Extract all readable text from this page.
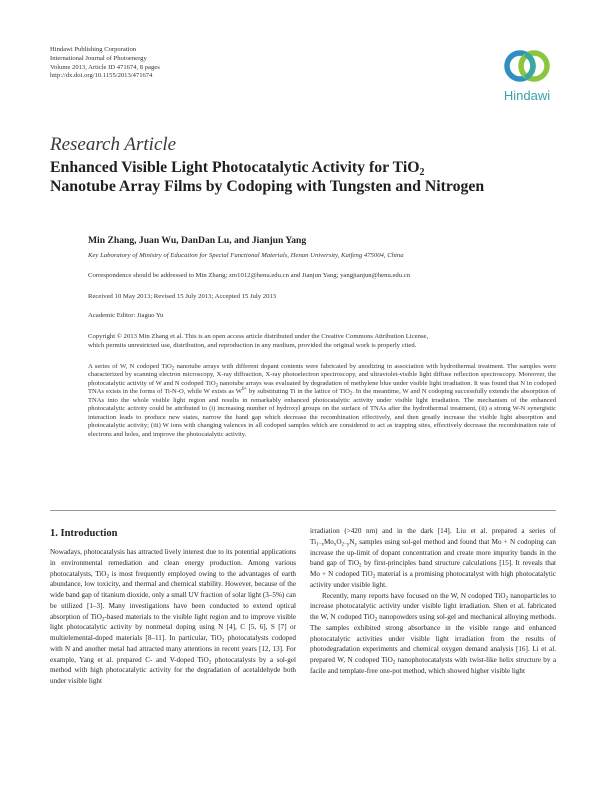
Hindawi Publishing Corporation
International Journal of Photoenergy
Volume 2013, Article ID 471674, 8 pages
http://dx.doi.org/10.1155/2013/471674
Hindawi
Research Article
Enhanced Visible Light Photocatalytic Activity for TiO$_2$
Nanotube Array Films by Codoping with Tungsten and Nitrogen
Min Zhang, Juan Wu, DanDan Lu, and Jianjun Yang
Key Laboratory of Ministry of Education for Special Functional Materials, Henan University, Kaifeng 475004, China
Correspondence should be addressed to Min Zhang; zm1012@henu.edu.cn and Jianjun Yang; yangjianjun@henu.edu.cn
Received 10 May 2013; Revised 15 July 2013; Accepted 15 July 2013
Academic Editor: Jiaguo Yu
Copyright © 2013 Min Zhang et al. This is an open access article distributed under the Creative Commons Attribution License,
which permits unrestricted use, distribution, and reproduction in any medium, provided the original work is properly cited.
A series of W, N codoped TiO$_2$ nanotube arrays with different dopant contents were fabricated by anodizing in association with hydrothermal treatment. The samples were characterized by scanning electron microscopy, X-ray diffraction, X-ray photoelectron spectroscopy, and ultraviolet-visible light diffuse reflection spectroscopy. Moreover, the photocatalytic activity of W and N codoped TiO$_2$ nanotube arrays was evaluated by degradation of methylene blue under visible light irradiation. It was found that N in codoped TNAs exists in the forms of Ti-N-O, while W exists as $W^{6+}$ by substituting Ti in the lattice of TiO$_2$. In the meantime, W and N codoping successfully extends the absorption of TNAs into the whole visible light region and results in remarkably enhanced photocatalytic activity under visible light irradiation. The mechanism of the enhanced photocatalytic activity could be attributed to (i) increasing number of hydroxyl groups on the surface of TNAs after the hydrothermal treatment, (ii) a strong W-N synergistic interaction leads to produce new states, narrow the band gap which decrease the recombination effectively, and then greatly increase the visible light absorption and photocatalytic activity; (iii) W ions with changing valences in all codoped samples which are considered to act as trapping sites, effectively decrease the recombination rate of electrons and holes, and improve the photocatalytic activity.
1. Introduction

Nowadays, photocatalysis has attracted lively interest due to its potential applications in environmental remediation and clean energy production. Among various photocatalysts, TiO$_2$ is most frequently employed owing to the advantages of earth abundance, low toxicity, and thermal and chemical stability. However, because of the wide band gap of titanium dioxide, only a small UV fraction of solar light (3–5%) can be utilized [1–3]. Many investigations have been conducted to extend optical absorption of TiO$_2$-based materials to the visible light region and to improve visible light photocatalytic activity by nonmetal doping using N [4], C [5, 6], S [7] or multielemental-doped materials [8–11]. In particular, TiO$_2$ photocatalysts codoped with N and another metal had attracted many attentions in recent years [12, 13]. For example, Yang et al. prepared C- and V-doped TiO$_2$ photocatalysts by a sol-gel method with high photocatalytic activity for the degradation of acetaldehyde both under visible light

irradiation (>420 nm) and in the dark [14]. Liu et al. prepared a series of $Ti_{1-x}Mo_xO_{2-y}N_y$ samples using sol-gel method and found that Mo + N codoping can increase the up-limit of dopant concentration and create more impurity bands in the band gap of TiO$_2$ by first-principles band structure calculations [15]. It reveals that Mo + N codoped TiO$_2$ material is a promising photocatalyst with high photocatalytic activity under visible light.

Recently, many reports have focused on the W, N codoped TiO$_2$ nanoparticles to increase photocatalytic activity under visible light irradiation. Shen et al. fabricated the W, N codoped TiO$_2$ nanopowders using sol-gel and mechanical alloying methods. The samples exhibited strong absorbance in the visible range and enhanced photocatalytic activities under visible light irradiation from the results of photodegradation experiments and chemical oxygen demand analysis [16]. Li et al. prepared W, N codoped TiO$_2$ nanophotocatalysts with twist-like helix structure by a facile and template-free one-pot method, which showed higher visible light
